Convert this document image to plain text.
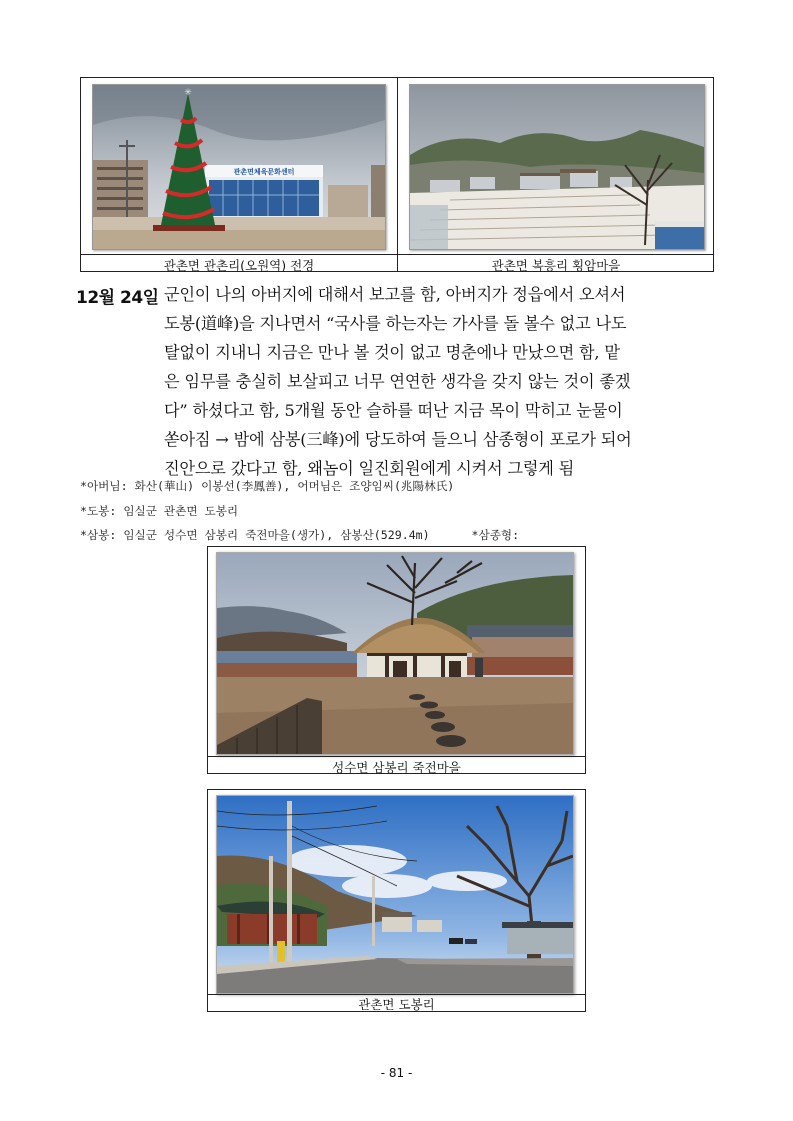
관촌면체육문화센터
✳
관촌면 관촌리(오원역) 전경	관촌면 복흥리 횡암마을
12월 24일 군인이 나의 아버지에 대해서 보고를 함, 아버지가 정읍에서 오셔서

도봉(道峰)을 지나면서 “국사를 하는자는 가사를 돌 볼수 없고 나도

탈없이 지내니 지금은 만나 볼 것이 없고 명춘에나 만났으면 함, 맡

은 임무를 충실히 보살피고 너무 연연한 생각을 갖지 않는 것이 좋겠

다” 하셨다고 함, 5개월 동안 슬하를 떠난 지금 목이 막히고 눈물이

쏟아짐 → 밤에 삼봉(三峰)에 당도하여 들으니 삼종형이 포로가 되어

진안으로 갔다고 함, 왜놈이 일진회원에게 시켜서 그렇게 됨

*아버님: 화산(華山) 이봉선(李鳳善), 어머님은 조양임씨(兆陽林氏)
*도봉: 임실군 관촌면 도봉리
*삼봉: 임실군 성수면 삼봉리 죽전마을(생가), 삼봉산(529.4m)      *삼종형:
성수면 삼봉리 죽전마을
관촌면 도봉리
- 81 -
